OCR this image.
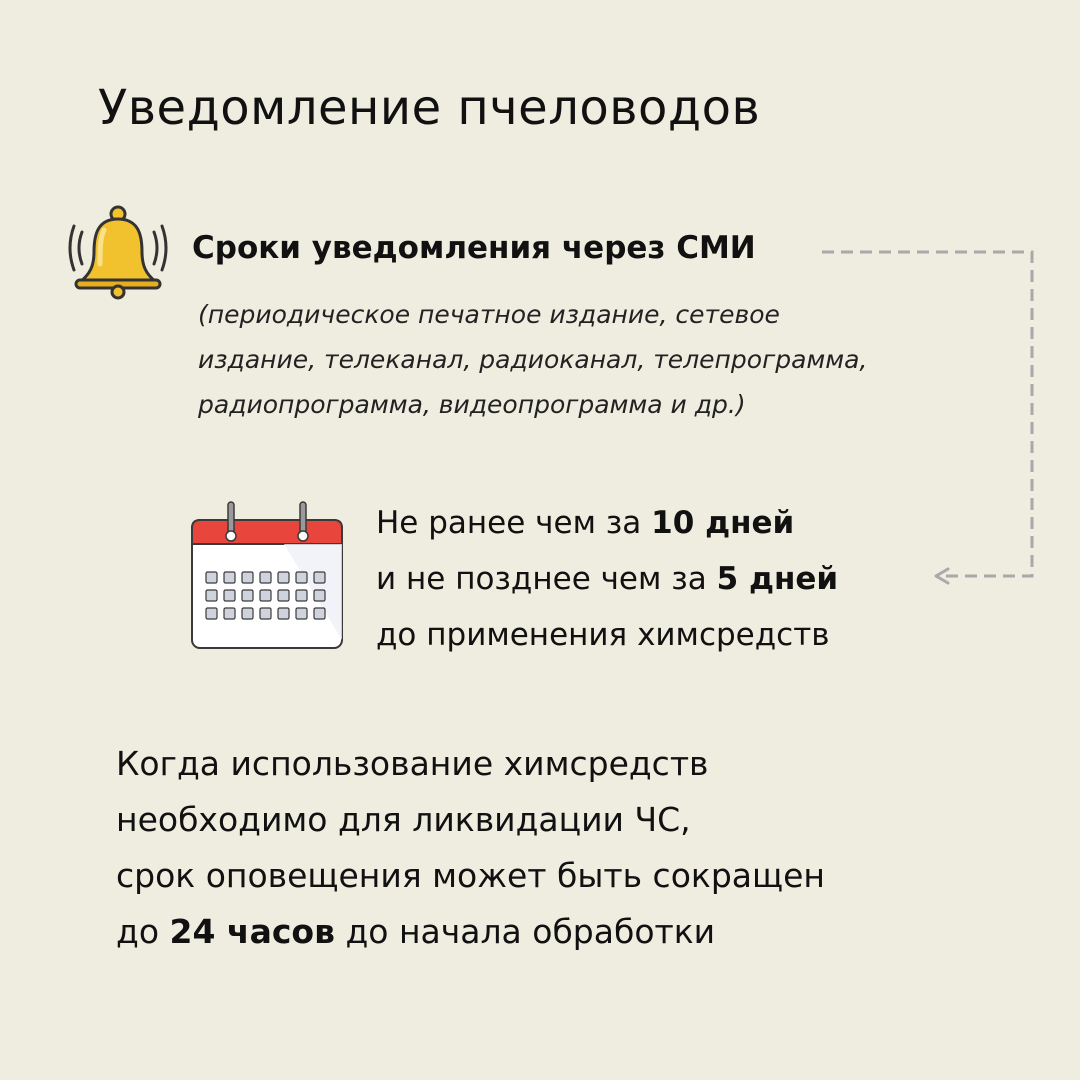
Уведомление пчеловодов
Сроки уведомления через СМИ
(периодическое печатное издание, сетевое
издание, телеканал, радиоканал, телепрограмма,
радиопрограмма, видеопрограмма и др.)
Не ранее чем за 10 дней
и не позднее чем за 5 дней
до применения химсредств
Когда использование химсредств
необходимо для ликвидации ЧС,
срок оповещения может быть сокращен
до 24 часов до начала обработки
